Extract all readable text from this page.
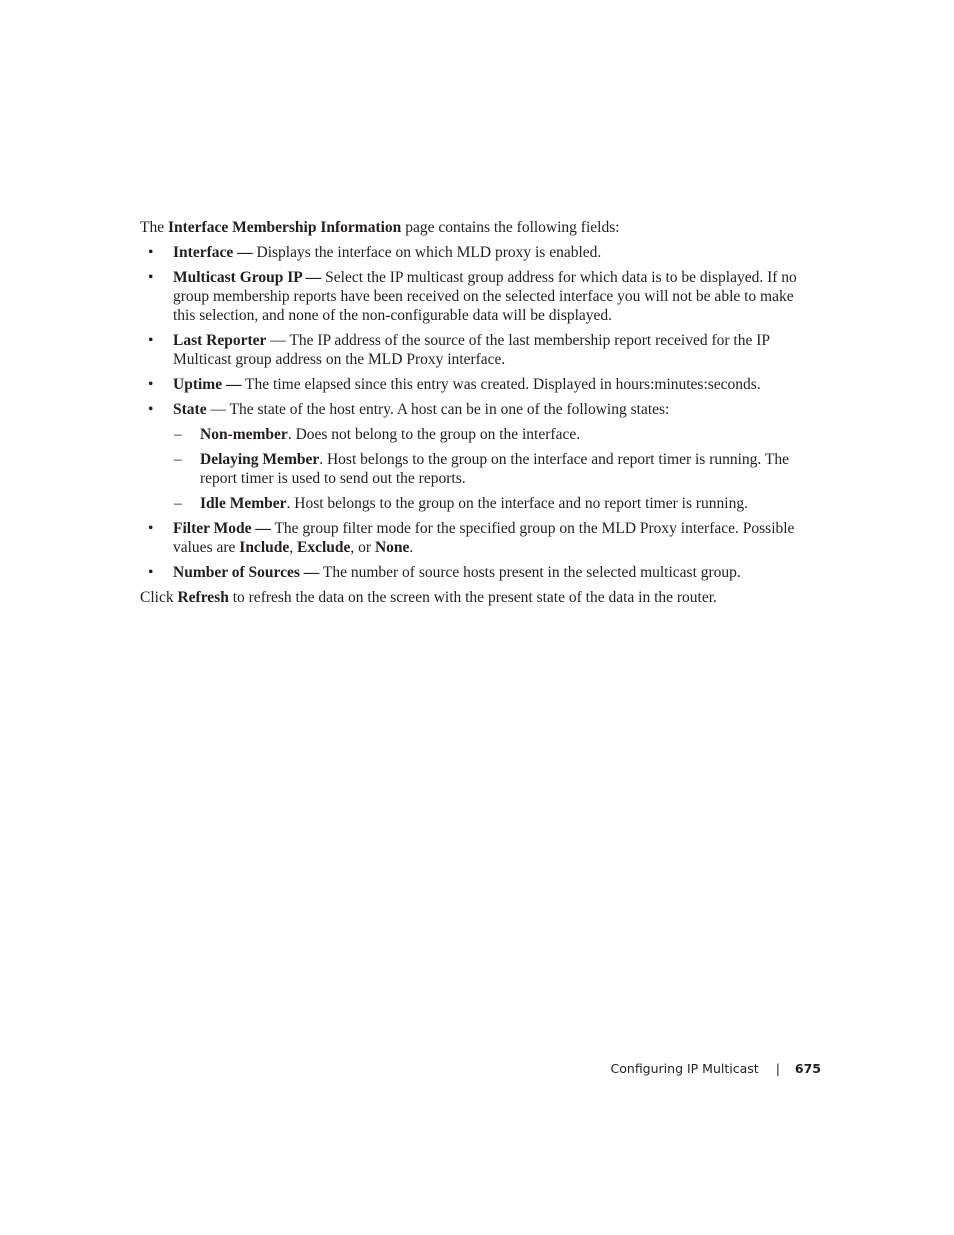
The Interface Membership Information page contains the following fields:

• Interface — Displays the interface on which MLD proxy is enabled.
• Multicast Group IP — Select the IP multicast group address for which data is to be displayed. If no group membership reports have been received on the selected interface you will not be able to make this selection, and none of the non-configurable data will be displayed.
• Last Reporter — The IP address of the source of the last membership report received for the IP Multicast group address on the MLD Proxy interface.
• Uptime — The time elapsed since this entry was created. Displayed in hours:minutes:seconds.
• State — The state of the host entry. A host can be in one of the following states:
– Non-member. Does not belong to the group on the interface.
– Delaying Member. Host belongs to the group on the interface and report timer is running. The report timer is used to send out the reports.
– Idle Member. Host belongs to the group on the interface and no report timer is running.
• Filter Mode — The group filter mode for the specified group on the MLD Proxy interface. Possible values are Include, Exclude, or None.
• Number of Sources — The number of source hosts present in the selected multicast group.

Click Refresh to refresh the data on the screen with the present state of the data in the router.

Configuring IP Multicast | 675
